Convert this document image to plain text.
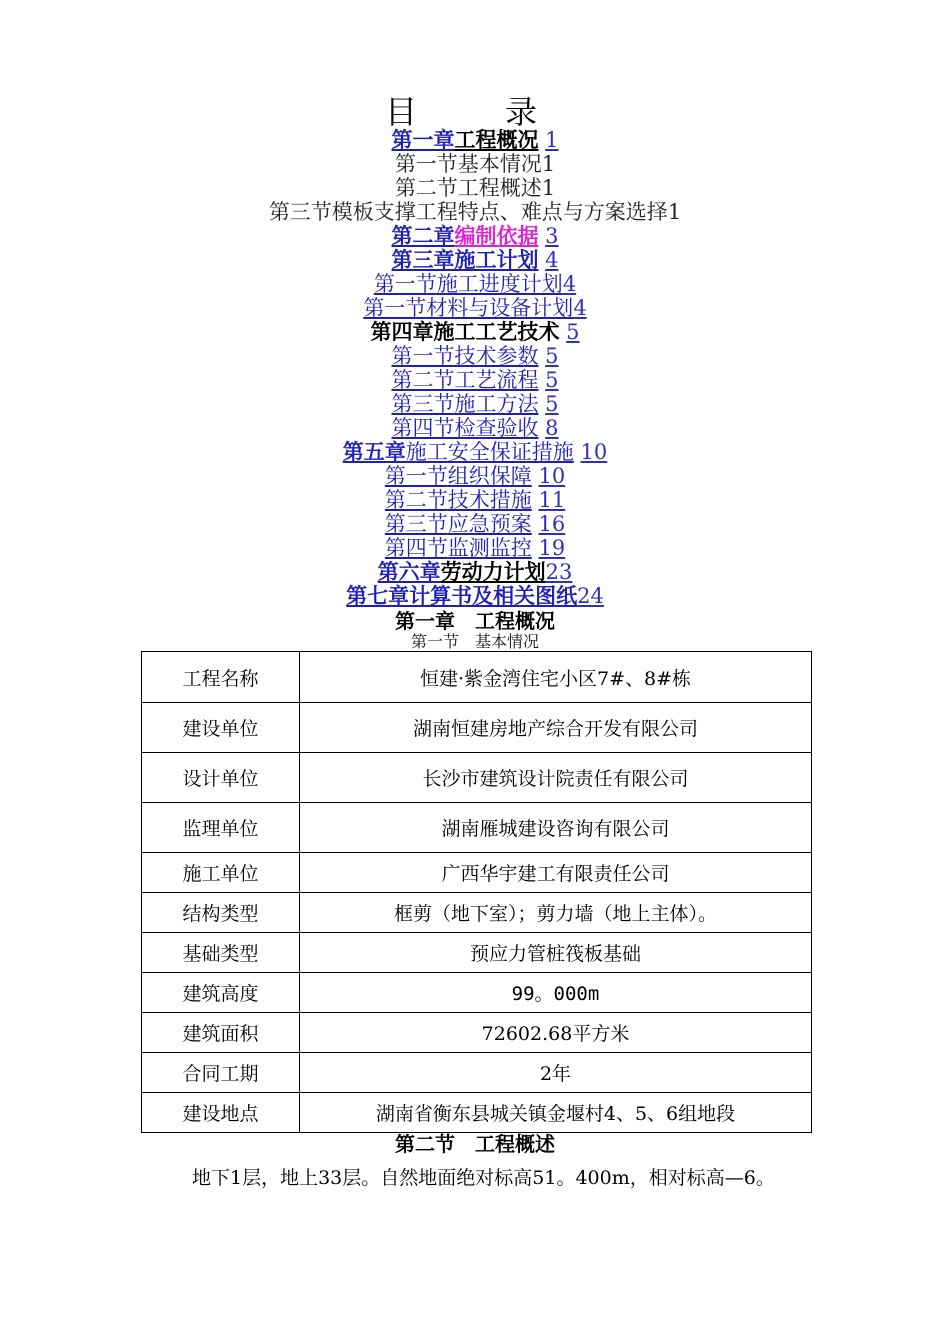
目　录
第一章工程概况 1
第一节基本情况1
第二节工程概述1
第三节模板支撑工程特点、难点与方案选择1
第二章编制依据 3
第三章施工计划 4
第一节施工进度计划4
第一节材料与设备计划4
第四章施工工艺技术 5
第一节技术参数 5
第二节工艺流程 5
第三节施工方法 5
第四节检查验收 8
第五章施工安全保证措施 10
第一节组织保障 10
第二节技术措施 11
第三节应急预案 16
第四节监测监控 19
第六章劳动力计划23
第七章计算书及相关图纸24
第一章　工程概况
第一节　基本情况
工程名称	恒建·紫金湾住宅小区7#、8#栋
建设单位	湖南恒建房地产综合开发有限公司
设计单位	长沙市建筑设计院责任有限公司
监理单位	湖南雁城建设咨询有限公司
施工单位	广西华宇建工有限责任公司
结构类型	框剪（地下室）；剪力墙（地上主体）。
基础类型	预应力管桩筏板基础
建筑高度	99。000m
建筑面积	72602.68平方米
合同工期	2年
建设地点	湖南省衡东县城关镇金堰村4、5、6组地段
第二节　工程概述
地下1层，地上33层。自然地面绝对标高51。400m，相对标高—6。
